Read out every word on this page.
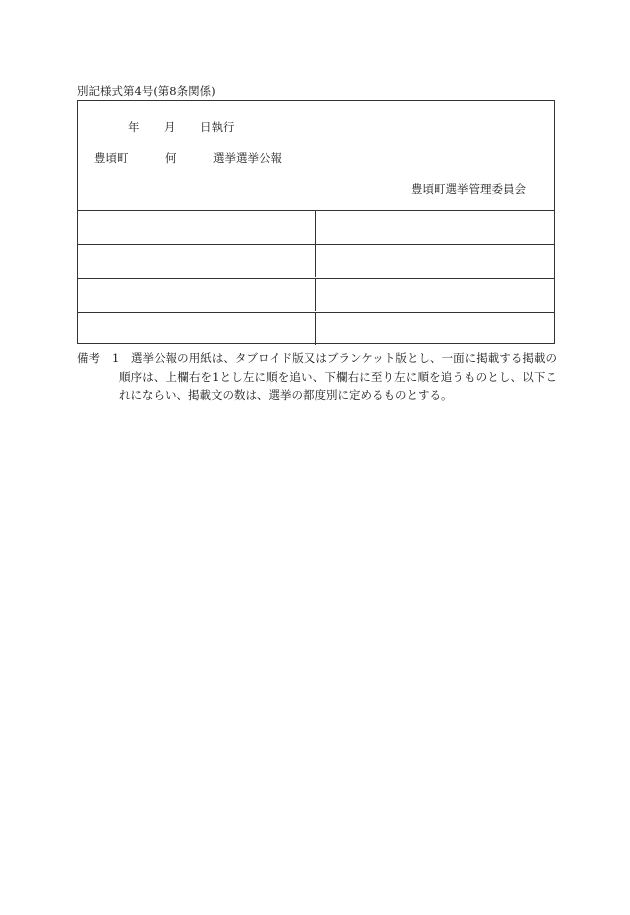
別記様式第4号(第8条関係)
年 月 日執行
豊頃町	何	選挙選挙公報
豊頃町選挙管理委員会
備考 1	選挙公報の用紙は、タブロイド版又はブランケット版とし、一面に掲載する掲載の順序は、上欄右を1とし左に順を追い、下欄右に至り左に順を追うものとし、以下これにならい、掲載文の数は、選挙の都度別に定めるものとする。
